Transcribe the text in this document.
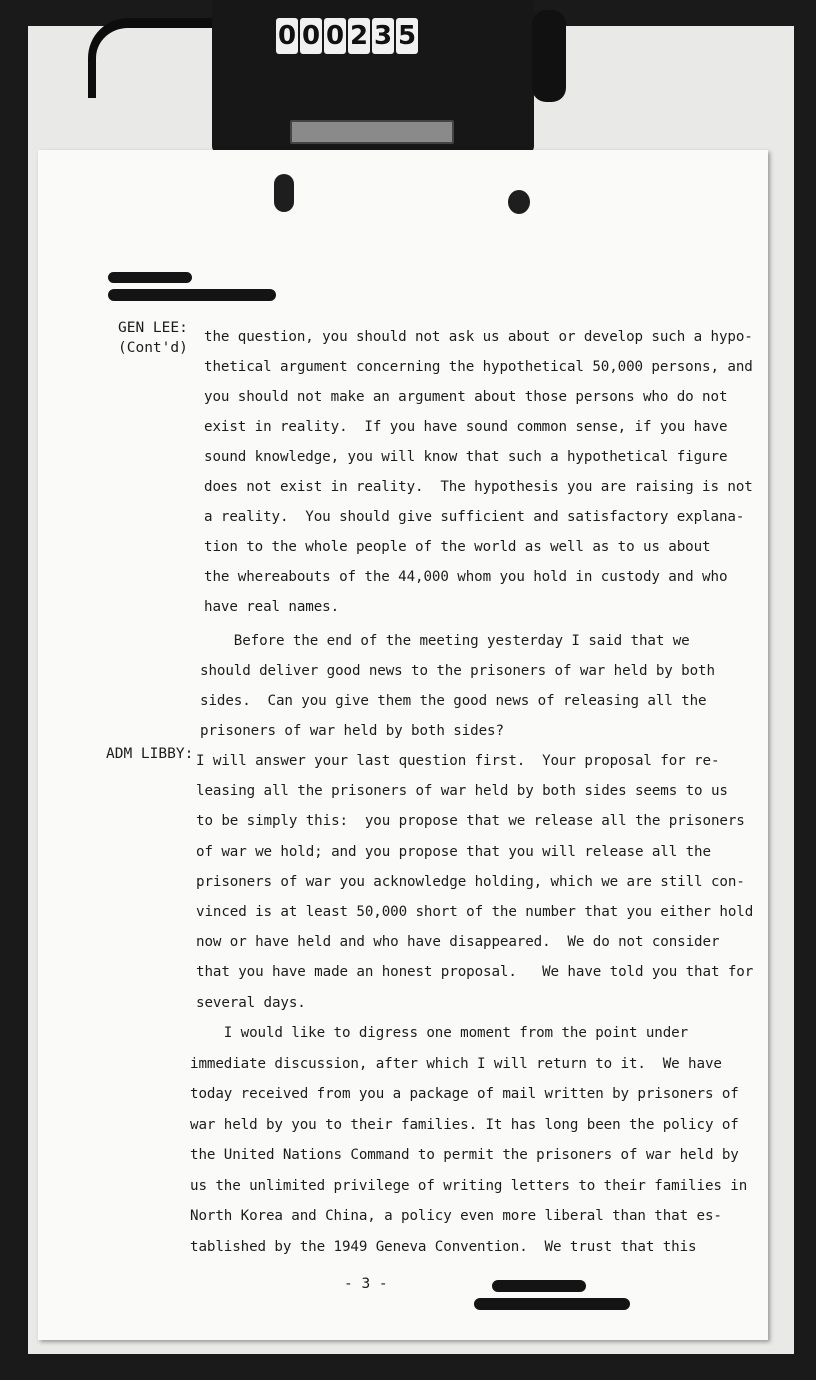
0 0 0 2 3 5
GEN LEE:
(Cont'd)
the question, you should not ask us about or develop such a hypo-
thetical argument concerning the hypothetical 50,000 persons, and
you should not make an argument about those persons who do not
exist in reality.  If you have sound common sense, if you have
sound knowledge, you will know that such a hypothetical figure
does not exist in reality.  The hypothesis you are raising is not
a reality.  You should give sufficient and satisfactory explana-
tion to the whole people of the world as well as to us about
the whereabouts of the 44,000 whom you hold in custody and who
have real names.
Before the end of the meeting yesterday I said that we
should deliver good news to the prisoners of war held by both
sides.  Can you give them the good news of releasing all the
prisoners of war held by both sides?
ADM LIBBY: I will answer your last question first.  Your proposal for re-
leasing all the prisoners of war held by both sides seems to us
to be simply this:  you propose that we release all the prisoners
of war we hold; and you propose that you will release all the
prisoners of war you acknowledge holding, which we are still con-
vinced is at least 50,000 short of the number that you either hold
now or have held and who have disappeared.  We do not consider
that you have made an honest proposal.   We have told you that for
several days.
I would like to digress one moment from the point under
immediate discussion, after which I will return to it.  We have
today received from you a package of mail written by prisoners of
war held by you to their families. It has long been the policy of
the United Nations Command to permit the prisoners of war held by
us the unlimited privilege of writing letters to their families in
North Korea and China, a policy even more liberal than that es-
tablished by the 1949 Geneva Convention.  We trust that this
- 3 -
